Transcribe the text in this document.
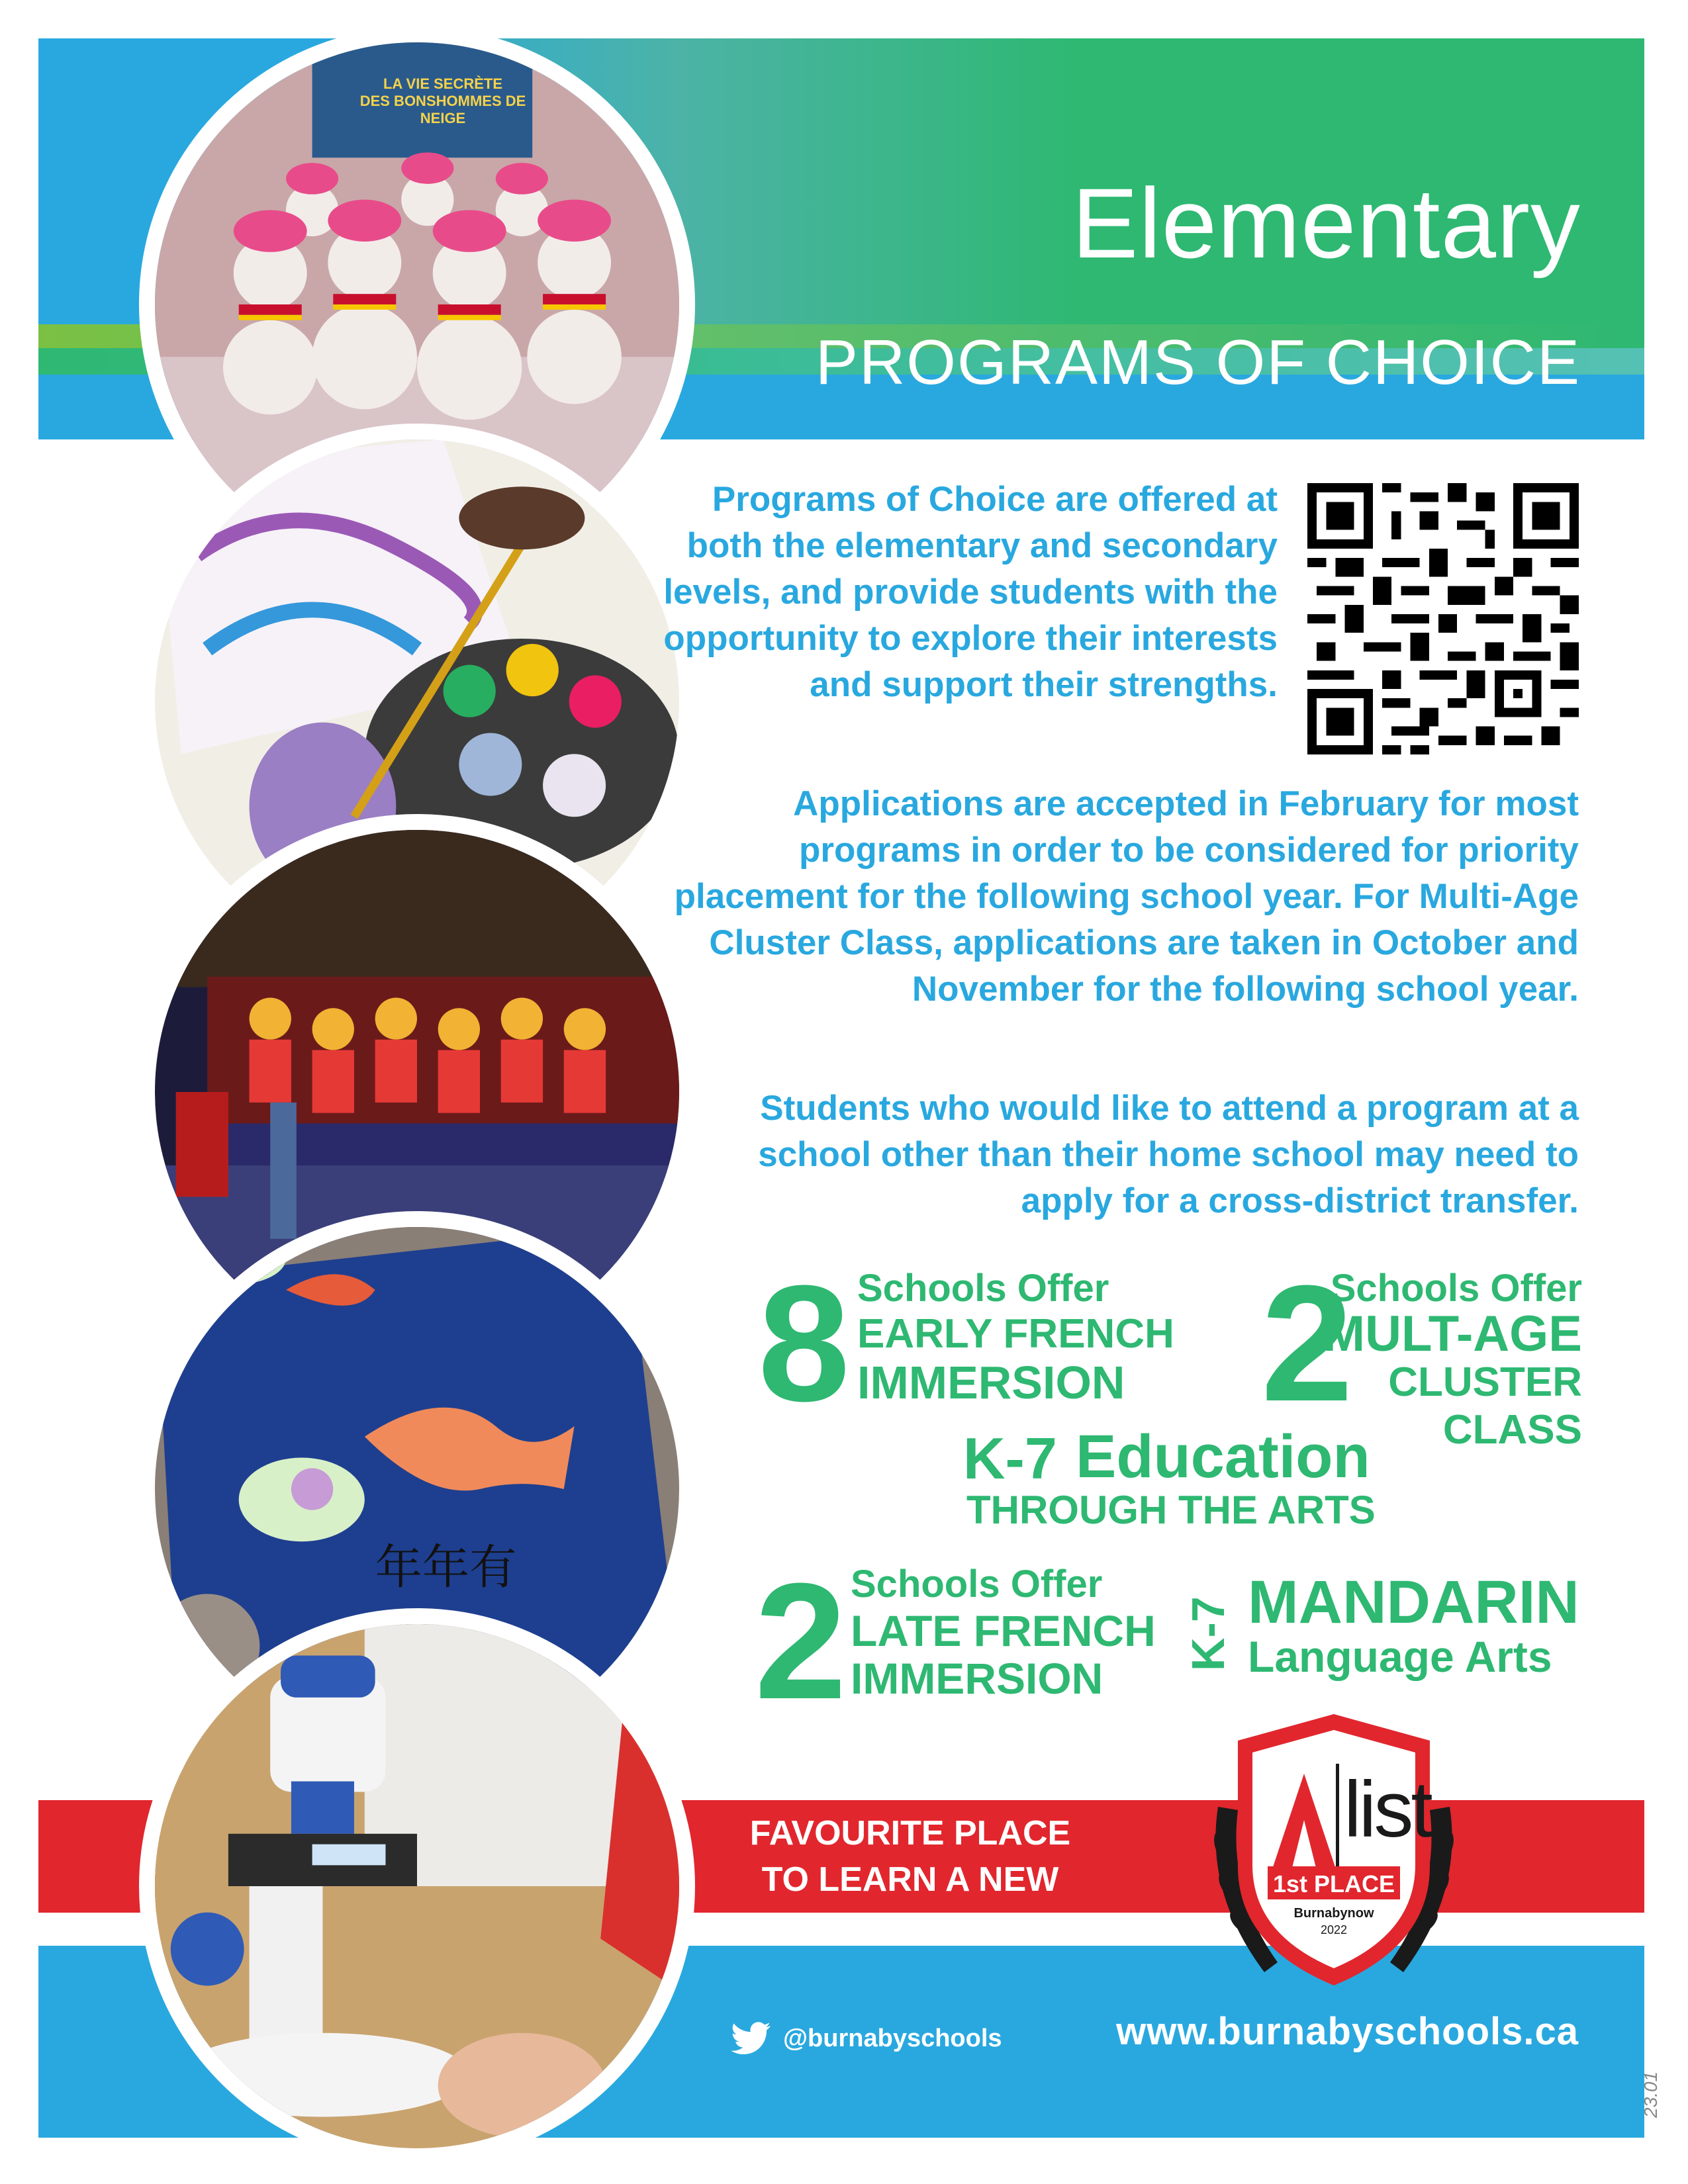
Elementary
PROGRAMS OF CHOICE
LA VIE SECRÈTE
DES BONSHOMMES DE NEIGE
年年有
Programs of Choice are offered at both the elementary and secondary levels, and provide students with the opportunity to explore their interests and support their strengths.
Applications are accepted in February for most programs in order to be considered for priority placement for the following school year. For Multi-Age Cluster Class, applications are taken in October and November for the following school year.
Students who would like to attend a program at a school other than their home school may need to apply for a cross-district transfer.
8 Schools Offer
EARLY FRENCH
IMMERSION 2
Schools Offer
MULT-AGE
CLUSTER CLASS
K-7 Education
THROUGH THE ARTS
2 Schools Offer
LATE FRENCH
IMMERSION
K-7 MANDARIN
Language Arts
FAVOURITE PLACE TO LEARN A NEW SKILL
list
1st PLACE
Burnabynow
2022
@burnabyschools	www.burnabyschools.ca
23.01
